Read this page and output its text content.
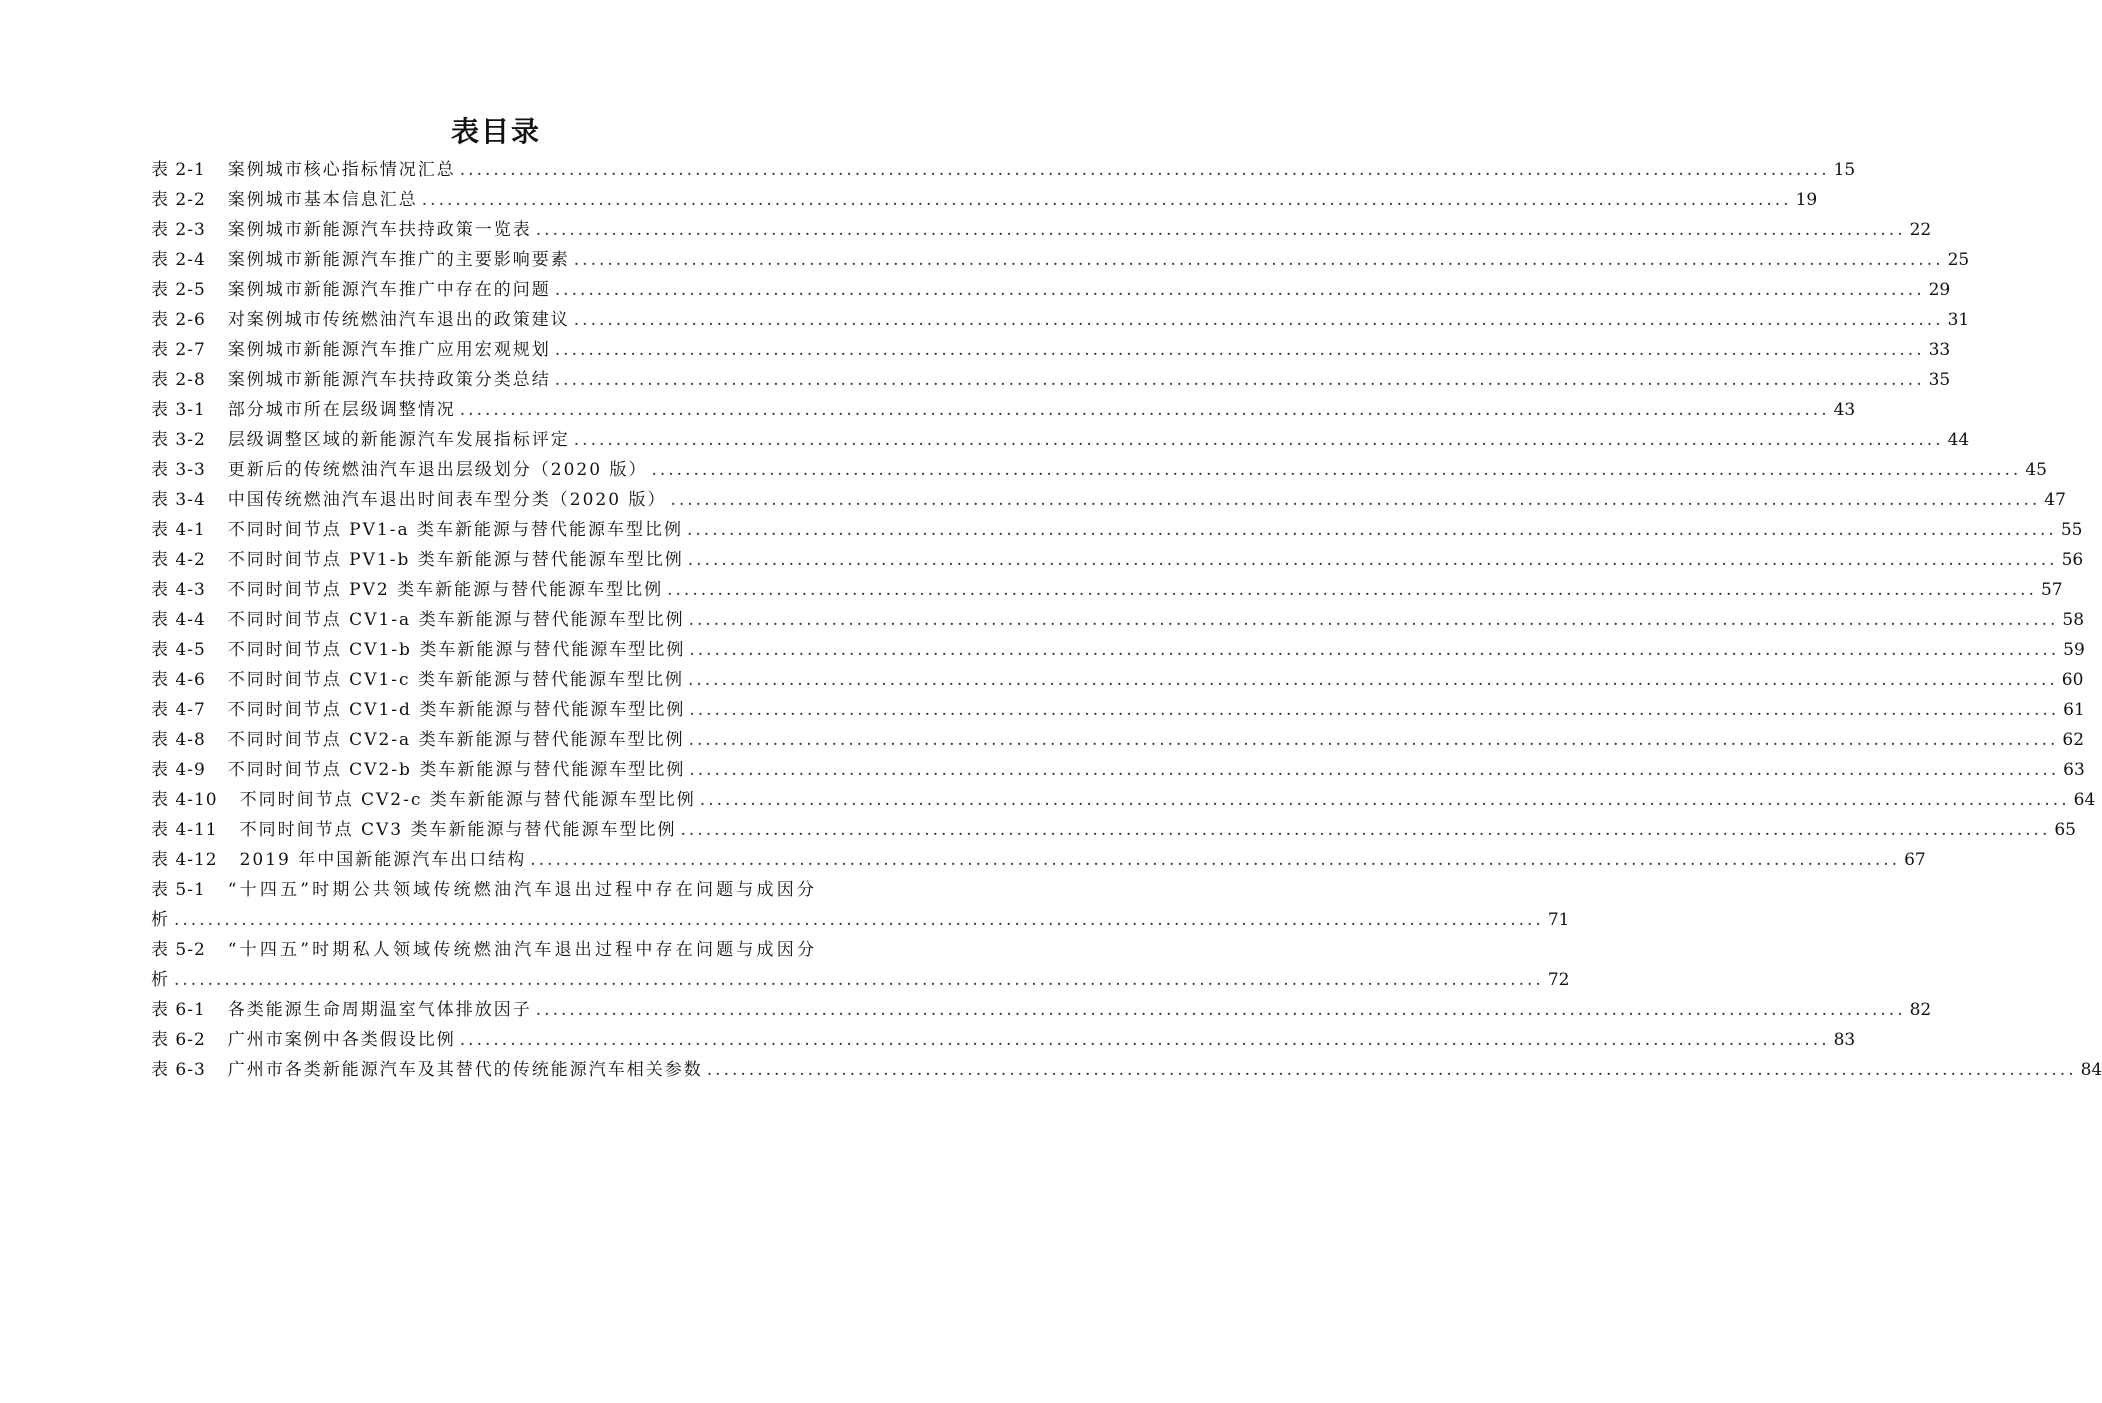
表目录
表 2-1 案例城市核心指标情况汇总 .....	15
表 2-2 案例城市基本信息汇总 .....	19
表 2-3 案例城市新能源汽车扶持政策一览表 .....	22
表 2-4 案例城市新能源汽车推广的主要影响要素 .....	25
表 2-5 案例城市新能源汽车推广中存在的问题 .....	29
表 2-6 对案例城市传统燃油汽车退出的政策建议 .....	31
表 2-7 案例城市新能源汽车推广应用宏观规划 .....	33
表 2-8 案例城市新能源汽车扶持政策分类总结 .....	35
表 3-1 部分城市所在层级调整情况 .....	43
表 3-2 层级调整区域的新能源汽车发展指标评定 .....	44
表 3-3 更新后的传统燃油汽车退出层级划分（2020 版） .....	45
表 3-4 中国传统燃油汽车退出时间表车型分类（2020 版） .....	47
表 4-1 不同时间节点 PV1-a 类车新能源与替代能源车型比例 .....	55
表 4-2 不同时间节点 PV1-b 类车新能源与替代能源车型比例 .....	56
表 4-3 不同时间节点 PV2 类车新能源与替代能源车型比例 .....	57
表 4-4 不同时间节点 CV1-a 类车新能源与替代能源车型比例 .....	58
表 4-5 不同时间节点 CV1-b 类车新能源与替代能源车型比例 .....	59
表 4-6 不同时间节点 CV1-c 类车新能源与替代能源车型比例 .....	60
表 4-7 不同时间节点 CV1-d 类车新能源与替代能源车型比例 .....	61
表 4-8 不同时间节点 CV2-a 类车新能源与替代能源车型比例 .....	62
表 4-9 不同时间节点 CV2-b 类车新能源与替代能源车型比例 .....	63
表 4-10 不同时间节点 CV2-c 类车新能源与替代能源车型比例 .....	64
表 4-11 不同时间节点 CV3 类车新能源与替代能源车型比例 .....	65
表 4-12 2019 年中国新能源汽车出口结构 .....	67
表 5-1 “十四五”时期公共领域传统燃油汽车退出过程中存在问题与成因分
析 .....	71
表 5-2 “十四五”时期私人领域传统燃油汽车退出过程中存在问题与成因分
析 .....	72
表 6-1 各类能源生命周期温室气体排放因子 .....	82
表 6-2 广州市案例中各类假设比例 .....	83
表 6-3 广州市各类新能源汽车及其替代的传统能源汽车相关参数 .....	84
